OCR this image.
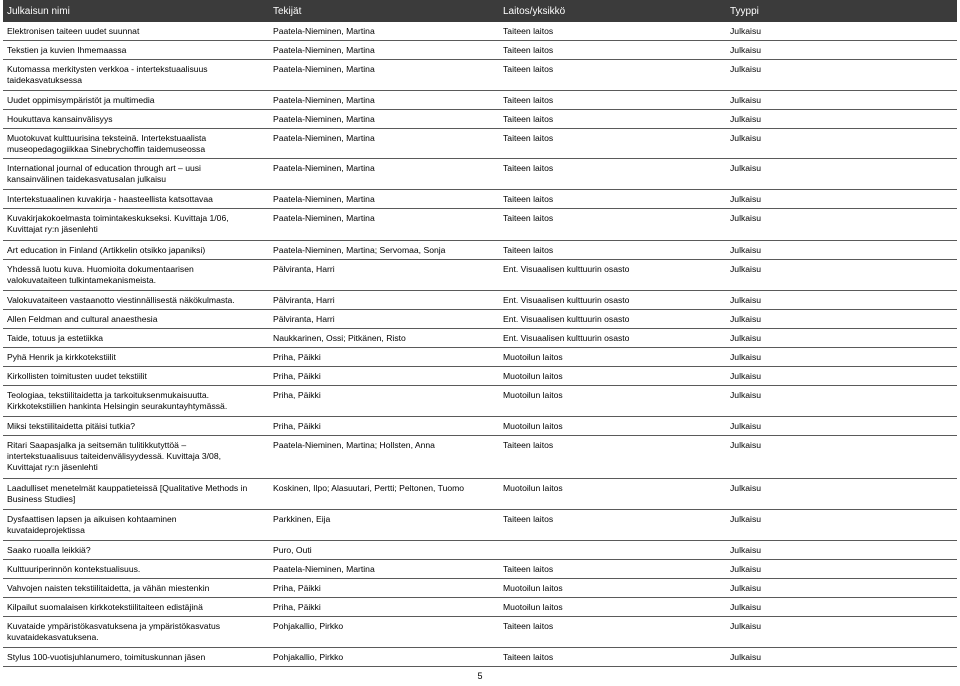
Julkaisun nimi	Tekijät	Laitos/yksikkö	Tyyppi
Elektronisen taiteen uudet suunnat	Paatela-Nieminen, Martina	Taiteen laitos	Julkaisu
Tekstien ja kuvien Ihmemaassa	Paatela-Nieminen, Martina	Taiteen laitos	Julkaisu
Kutomassa merkitysten verkkoa - intertekstuaalisuus
taidekasvatuksessa	Paatela-Nieminen, Martina	Taiteen laitos	Julkaisu
Uudet oppimisympäristöt ja multimedia	Paatela-Nieminen, Martina	Taiteen laitos	Julkaisu
Houkuttava kansainvälisyys	Paatela-Nieminen, Martina	Taiteen laitos	Julkaisu
Muotokuvat kulttuurisina teksteinä. Intertekstuaalista
museopedagogiikkaa Sinebrychoffin taidemuseossa	Paatela-Nieminen, Martina	Taiteen laitos	Julkaisu
International journal of education through art – uusi
kansainvälinen taidekasvatusalan julkaisu	Paatela-Nieminen, Martina	Taiteen laitos	Julkaisu
Intertekstuaalinen kuvakirja - haasteellista katsottavaa	Paatela-Nieminen, Martina	Taiteen laitos	Julkaisu
Kuvakirjakokoelmasta toimintakeskukseksi. Kuvittaja 1/06,
Kuvittajat ry:n jäsenlehti	Paatela-Nieminen, Martina	Taiteen laitos	Julkaisu
Art education in Finland (Artikkelin otsikko japaniksi)	Paatela-Nieminen, Martina; Servomaa, Sonja	Taiteen laitos	Julkaisu
Yhdessä luotu kuva. Huomioita dokumentaarisen
valokuvataiteen tulkintamekanismeista.	Pälviranta, Harri	Ent. Visuaalisen kulttuurin osasto	Julkaisu
Valokuvataiteen vastaanotto viestinnällisestä näkökulmasta.	Pälviranta, Harri	Ent. Visuaalisen kulttuurin osasto	Julkaisu
Allen Feldman and cultural anaesthesia	Pälviranta, Harri	Ent. Visuaalisen kulttuurin osasto	Julkaisu
Taide, totuus ja estetiikka	Naukkarinen, Ossi; Pitkänen, Risto	Ent. Visuaalisen kulttuurin osasto	Julkaisu
Pyhä Henrik ja kirkkotekstiilit	Priha, Päikki	Muotoilun laitos	Julkaisu
Kirkollisten toimitusten uudet tekstiilit	Priha, Päikki	Muotoilun laitos	Julkaisu
Teologiaa, tekstiilitaidetta ja tarkoituksenmukaisuutta.
Kirkkotekstiilien hankinta Helsingin seurakuntayhtymässä.	Priha, Päikki	Muotoilun laitos	Julkaisu
Miksi tekstiilitaidetta pitäisi tutkia?	Priha, Päikki	Muotoilun laitos	Julkaisu
Ritari Saapasjalka ja seitsemän tulitikkutyttöä –
intertekstuaalisuus taiteidenvälisyydessä. Kuvittaja 3/08,
Kuvittajat ry:n jäsenlehti	Paatela-Nieminen, Martina; Hollsten, Anna	Taiteen laitos	Julkaisu
Laadulliset menetelmät kauppatieteissä [Qualitative Methods in
Business Studies]	Koskinen, Ilpo; Alasuutari, Pertti; Peltonen, Tuomo	Muotoilun laitos	Julkaisu
Dysfaattisen lapsen ja aikuisen kohtaaminen
kuvataideprojektissa	Parkkinen, Eija	Taiteen laitos	Julkaisu
Saako ruoalla leikkiä?	Puro, Outi		Julkaisu
Kulttuuriperinnön kontekstualisuus.	Paatela-Nieminen, Martina	Taiteen laitos	Julkaisu
Vahvojen naisten tekstiilitaidetta, ja vähän miestenkin	Priha, Päikki	Muotoilun laitos	Julkaisu
Kilpailut suomalaisen kirkkotekstiilitaiteen edistäjinä	Priha, Päikki	Muotoilun laitos	Julkaisu
Kuvataide ympäristökasvatuksena ja ympäristökasvatus
kuvataidekasvatuksena.	Pohjakallio, Pirkko	Taiteen laitos	Julkaisu
Stylus 100-vuotisjuhlanumero, toimituskunnan jäsen	Pohjakallio, Pirkko	Taiteen laitos	Julkaisu
5
